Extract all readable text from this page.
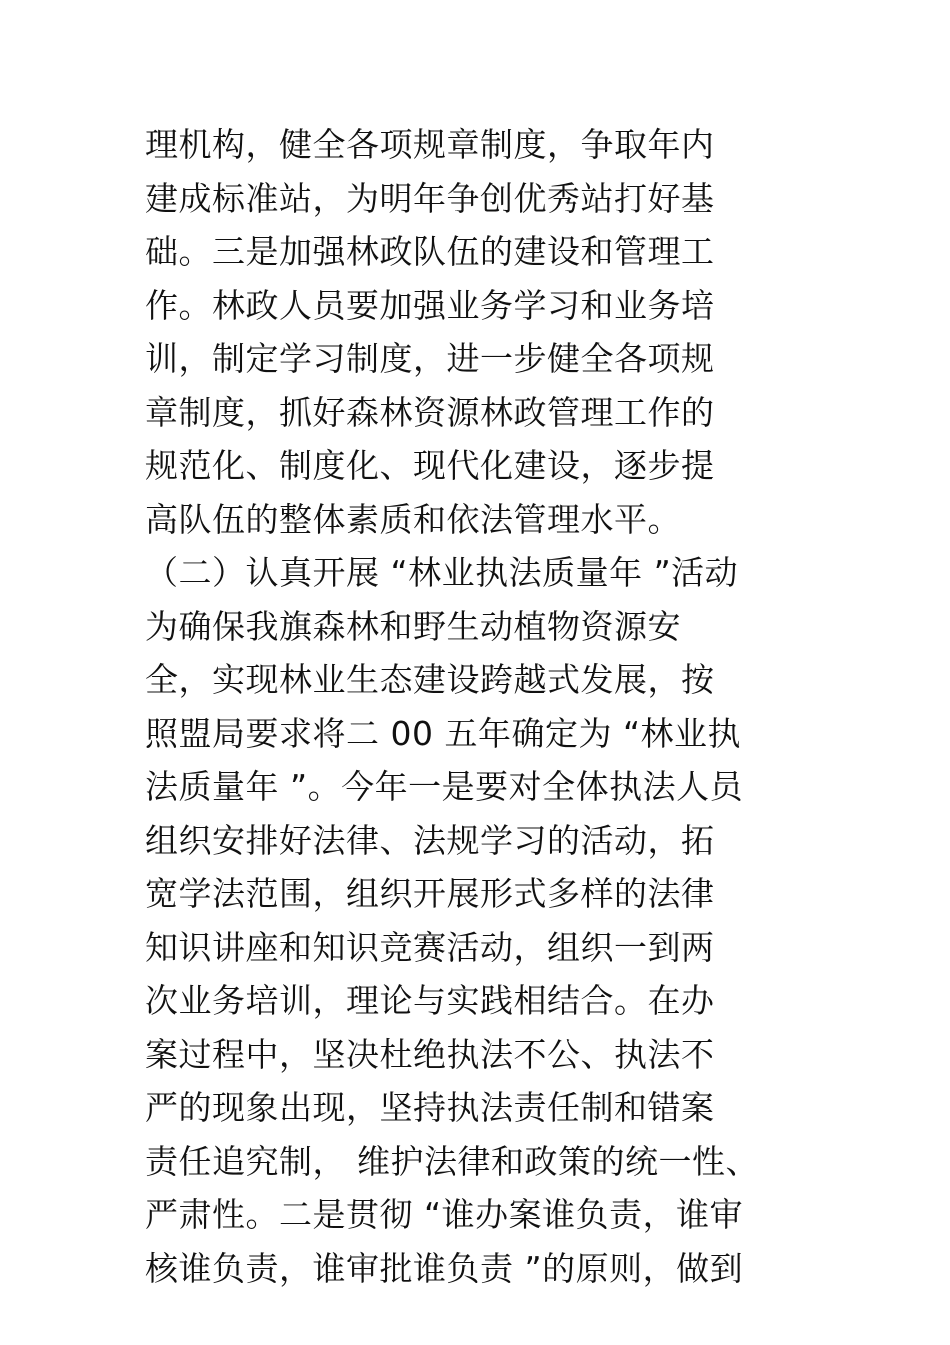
理机构，健全各项规章制度，争取年内
建成标准站，为明年争创优秀站打好基
础。三是加强林政队伍的建设和管理工
作。林政人员要加强业务学习和业务培
训，制定学习制度，进一步健全各项规
章制度，抓好森林资源林政管理工作的
规范化、制度化、现代化建设，逐步提
高队伍的整体素质和依法管理水平。
（二）认真开展 “林业执法质量年 ”活动
为确保我旗森林和野生动植物资源安
全，实现林业生态建设跨越式发展，按
照盟局要求将二 00 五年确定为 “林业执
法质量年 ”。今年一是要对全体执法人员
组织安排好法律、法规学习的活动，拓
宽学法范围，组织开展形式多样的法律
知识讲座和知识竞赛活动，组织一到两
次业务培训，理论与实践相结合。在办
案过程中，坚决杜绝执法不公、执法不
严的现象出现，坚持执法责任制和错案
责任追究制， 维护法律和政策的统一性、
严肃性。二是贯彻 “谁办案谁负责，谁审
核谁负责，谁审批谁负责 ”的原则，做到
